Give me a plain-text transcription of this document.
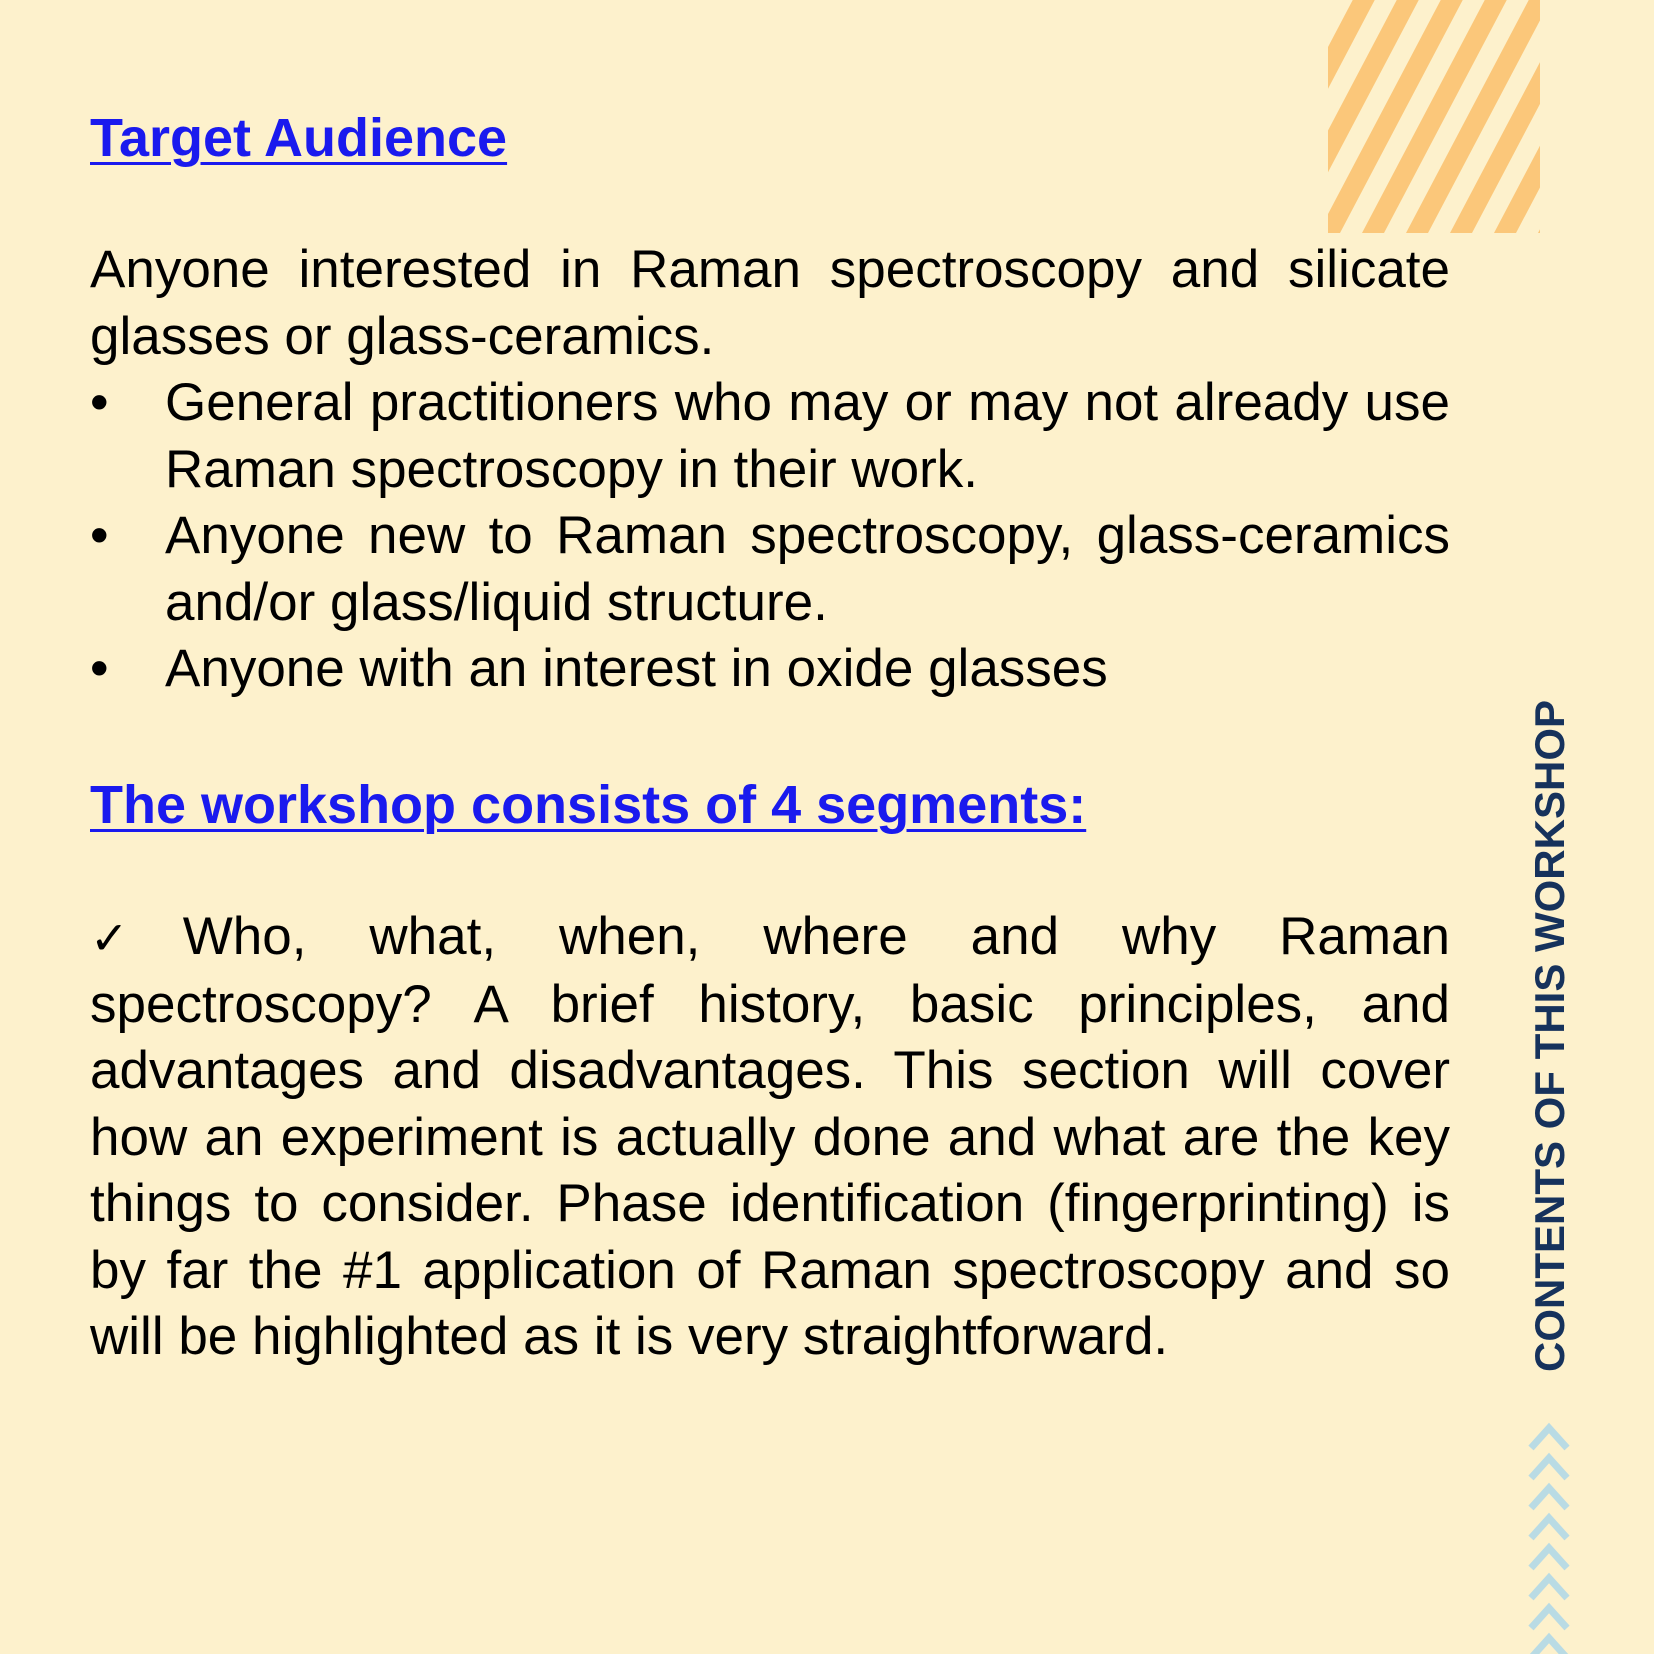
Target Audience
Anyone interested in Raman spectroscopy and silicate glasses or glass-ceramics.
• General practitioners who may or may not already use Raman spectroscopy in their work.
• Anyone new to Raman spectroscopy, glass-ceramics and/or glass/liquid structure.
• Anyone with an interest in oxide glasses
The workshop consists of 4 segments:
✓ Who, what, when, where and why Raman spectroscopy? A brief history, basic principles, and advantages and disadvantages. This section will cover how an experiment is actually done and what are the key things to consider. Phase identification (fingerprinting) is by far the #1 application of Raman spectroscopy and so will be highlighted as it is very straightforward.	CONTENTS OF THIS WORKSHOP
